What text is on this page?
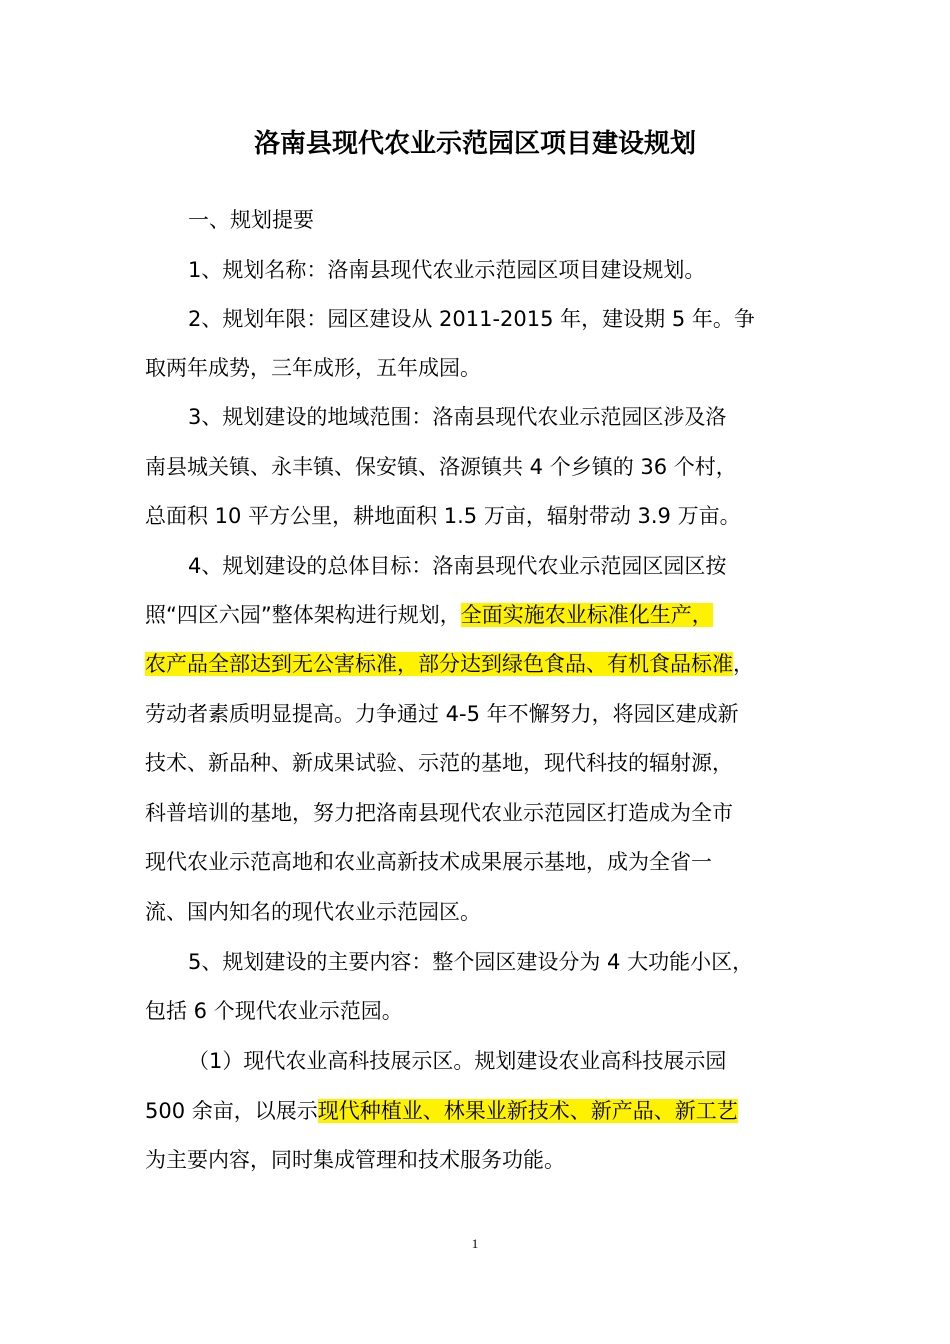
洛南县现代农业示范园区项目建设规划
一、规划提要
1、规划名称：洛南县现代农业示范园区项目建设规划。
2、规划年限：园区建设从 2011-2015 年，建设期 5 年。争
取两年成势，三年成形，五年成园。
3、规划建设的地域范围：洛南县现代农业示范园区涉及洛
南县城关镇、永丰镇、保安镇、洛源镇共 4 个乡镇的 36 个村，
总面积 10 平方公里，耕地面积 1.5 万亩，辐射带动 3.9 万亩。
4、规划建设的总体目标：洛南县现代农业示范园区园区按
照“四区六园”整体架构进行规划，全面实施农业标准化生产，
农产品全部达到无公害标准，部分达到绿色食品、有机食品标准，
劳动者素质明显提高。力争通过 4-5 年不懈努力，将园区建成新
技术、新品种、新成果试验、示范的基地，现代科技的辐射源，
科普培训的基地，努力把洛南县现代农业示范园区打造成为全市
现代农业示范高地和农业高新技术成果展示基地，成为全省一
流、国内知名的现代农业示范园区。
5、规划建设的主要内容：整个园区建设分为 4 大功能小区，
包括 6 个现代农业示范园。
（1）现代农业高科技展示区。规划建设农业高科技展示园
500 余亩，以展示现代种植业、林果业新技术、新产品、新工艺
为主要内容，同时集成管理和技术服务功能。
1
